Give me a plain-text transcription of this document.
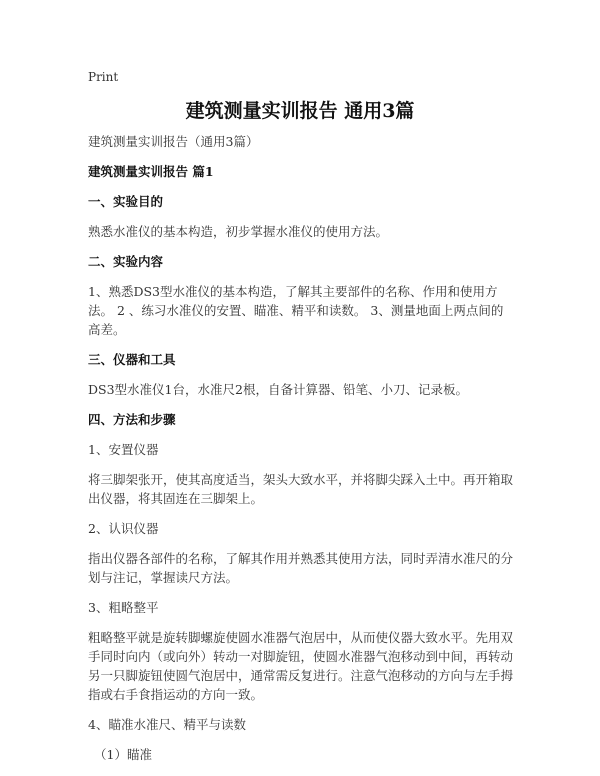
Print
建筑测量实训报告 通用3篇

建筑测量实训报告（通用3篇）

建筑测量实训报告 篇1

一、实验目的

熟悉水准仪的基本构造，初步掌握水准仪的使用方法。

二、实验内容

1、熟悉DS3型水准仪的基本构造，了解其主要部件的名称、作用和使用方法。 2 、练习水准仪的安置、瞄准、精平和读数。 3、测量地面上两点间的高差。

三、仪器和工具

DS3型水准仪1台，水准尺2根，自备计算器、铅笔、小刀、记录板。

四、方法和步骤

1、安置仪器

将三脚架张开，使其高度适当，架头大致水平，并将脚尖踩入土中。再开箱取出仪器，将其固连在三脚架上。

2、认识仪器

指出仪器各部件的名称，了解其作用并熟悉其使用方法，同时弄清水准尺的分划与注记，掌握读尺方法。

3、粗略整平

粗略整平就是旋转脚螺旋使圆水准器气泡居中，从而使仪器大致水平。先用双手同时向内（或向外）转动一对脚旋钮，使圆水准器气泡移动到中间，再转动另一只脚旋钮使圆气泡居中，通常需反复进行。注意气泡移动的方向与左手拇指或右手食指运动的方向一致。

4、瞄准水准尺、精平与读数

（1）瞄准
